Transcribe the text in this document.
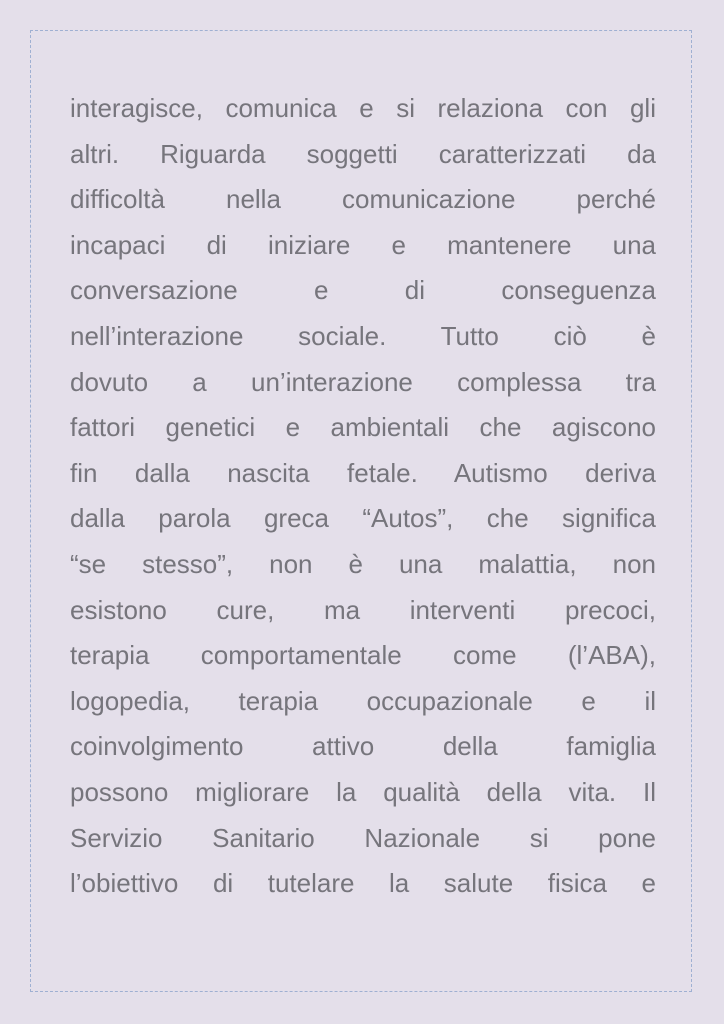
interagisce, comunica e si relaziona con gli
altri. Riguarda soggetti caratterizzati da
difficoltà nella comunicazione perché
incapaci di iniziare e mantenere una
conversazione e di conseguenza
nell’interazione sociale. Tutto ciò è
dovuto a un’interazione complessa tra
fattori genetici e ambientali che agiscono
fin dalla nascita fetale. Autismo deriva
dalla parola greca “Autos”, che significa
“se stesso”, non è una malattia, non
esistono cure, ma interventi precoci,
terapia comportamentale come (l’ABA),
logopedia, terapia occupazionale e il
coinvolgimento attivo della famiglia
possono migliorare la qualità della vita. Il
Servizio Sanitario Nazionale si pone
l’obiettivo di tutelare la salute fisica e
